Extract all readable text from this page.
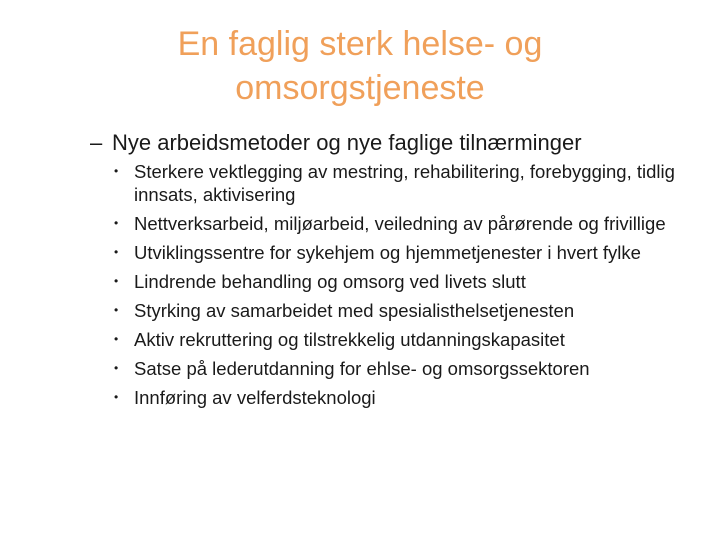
En faglig sterk helse- og
omsorgstjeneste
– Nye arbeidsmetoder og nye faglige tilnærminger
• Sterkere vektlegging av mestring, rehabilitering, forebygging, tidlig innsats, aktivisering
• Nettverksarbeid, miljøarbeid, veiledning av pårørende og frivillige
• Utviklingssentre for sykehjem og hjemmetjenester i hvert fylke
• Lindrende behandling og omsorg ved livets slutt
• Styrking av samarbeidet med spesialisthelsetjenesten
• Aktiv rekruttering og tilstrekkelig utdanningskapasitet
• Satse på lederutdanning for ehlse- og omsorgssektoren
• Innføring av velferdsteknologi
